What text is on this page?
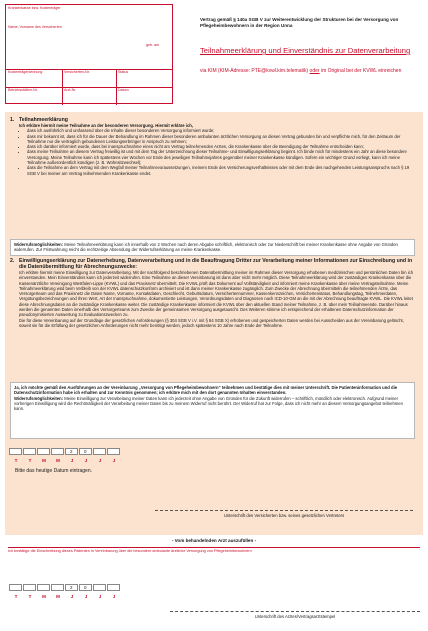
Krankenkasse bzw. Kostenträger
Name, Vorname des Versicherten
geb. am
Kostenträgerkennung	Versicherten-Nr.	Status
Betriebsstätten-Nr.	Arzt-Nr.	Datum
Vertrag gemäß § 140a SGB V zur Weiterentwicklung der Strukturen bei der Versorgung von Pflegeheimbewohnern in der Region Unna
Teilnahmeerklärung und Einverständnis zur Datenverarbeitung
via KIM (KIM-Adresse: PTE@kvwl.kim.telematik) oder im Original bei der KVWL einreichen
1. Teilnahmeerklärung
Ich erkläre hiermit meine Teilnahme an der besonderen Versorgung. Hiermit erkläre ich,
• dass ich ausführlich und umfassend über die Inhalte dieser besonderen Versorgung informiert wurde;
• dass mir bekannt ist, dass ich für die Dauer der Behandlung im Rahmen dieser besonderen ambulanten ärztlichen Versorgung an diesen Vertrag gebunden bin und verpflichte mich, für den Zeitraum der Teilnahme nur die vertraglich gebundenen Leistungserbringer in Anspruch zu nehmen;
• dass ich darüber informiert wurde, dass bei Inanspruchnahme eines nicht am Vertrag teilnehmenden Arztes, die Krankenkasse über die Beendigung der Teilnahme entscheiden kann;
• dass meine Teilnahme an diesem Vertrag freiwillig ist und mit dem Tag der Unterzeichnung dieser Teilnahme- und Einwilligungserklärung beginnt. Ich binde mich für mindestens ein Jahr an diese besondere Versorgung. Meine Teilnahme kann ich spätestens vier Wochen vor Ende des jeweiligen Teilnahmejahres gegenüber meiner Krankenkasse kündigen. Sofern ein wichtiger Grund vorliegt, kann ich meine Teilnahme außerordentlich kündigen (z. B. Wohnsitzwechsel);
• dass die Teilnahme an dem Vertrag mit dem Wegfall meiner Teilnahmevoraussetzungen, meinem Ende des Versicherungsverhältnisses oder mit dem Ende des nachgehenden Leistungsanspruchs nach § 19 SGB V bei meiner am Vertrag teilnehmenden Krankenkasse endet.
Widerrufsmöglichkeiten: Meine Teilnahmeerklärung kann ich innerhalb von 2 Wochen nach deren Abgabe schriftlich, elektronisch oder zur Niederschrift bei meiner Krankenkasse ohne Angabe von Gründen widerrufen. Zur Fristwahrung reicht die rechtzeitige Absendung der Widerrufserklärung an meine Krankenkasse.
2. Einwilligungserklärung zur Datenerhebung, Datenverarbeitung und in die Beauftragung Dritter zur Verarbeitung meiner Informationen zur Einschreibung und in die Datenübermittlung für Abrechnungszwecke:
Ich erkläre hiermit meine Einwilligung zur Datenverarbeitung. Mit der nachfolgend beschriebenen Datenübermittlung meiner im Rahmen dieser Versorgung erhobenen medizinischen und persönlichen Daten bin ich einverstanden. Mein Einverständnis kann ich jederzeit widerrufen. Eine Teilnahme an dieser Vereinbarung ist dann aber nicht mehr möglich. Diese Teilnahmeerklärung wird der zuständigen Krankenkasse über die Kassenärztliche Vereinigung Westfalen-Lippe (KVWL) und das Praxisnetz übermittelt. Die KVWL prüft das Dokument auf Vollständigkeit und informiert meine Krankenkasse über meine Vertragsteilnahme. Meine Teilnahmeerklärung wird beim Verbleib von der KVWL datenschutzkonform archiviert und ist dann meiner Krankenkasse zugänglich. Zum Zwecke der Abrechnung übermitteln die teilnehmenden Ärzte, das Versorgerteam und das Praxisnetz die Daten Name, Vorname, Kontaktdaten, Geschlecht, Geburtsdatum, Versichertennummer, Kassenkennzeichen, Versichertenstatus, Behandlungstag, Teilnehmerdaten, Vergütungsbezeichnungen und Ihren Wert, Art der Inanspruchnahme, dokumentierte Leistungen, Verordnungsdaten und Diagnosen nach ICD-10-GM an die mit der Abrechnung beauftragte KVWL. Die KVWL leitet diese Abrechnungsdaten an die zuständige Krankenkasse weiter. Die zuständige Krankenkasse informiert die KVWL über den aktuellen Stand meiner Teilnahme, z. B. über mein Teilnahmeende. Darüber hinaus werden die genannten Daten innerhalb des Versorgerteams zum Zwecke der gemeinsamen Versorgung ausgetauscht. Des Weiteren stimme ich entsprechend der erhaltenen Datenschutzinformation der pseudonymisierten Auswertung zu Evaluationszwecken zu.
Die für diese Vereinbarung auf der Grundlage der gesetzlichen Anforderungen (§ 304 SGB V i.V. mit § 84 SGB X) erhobenen und gespeicherten Daten werden bei Ausscheiden aus der Vereinbarung gelöscht, soweit sie für die Erfüllung der gesetzlichen Anforderungen nicht mehr benötigt werden, jedoch spätestens 10 Jahre nach Ende der Teilnahme.
Ja, ich möchte gemäß den Ausführungen an der Vereinbarung „Versorgung von Pflegeheimbewohnern“ teilnehmen und bestätige dies mit meiner Unterschrift. Die Patienteninformation und die Datenschutzinformation habe ich erhalten und zur Kenntnis genommen; ich erkläre mich mit den dort genannten Inhalten einverstanden.
Widerrufsmöglichkeiten: Meine Einwilligung zur Verarbeitung meiner Daten kann ich jederzeit ohne Angabe von Gründen für die Zukunft widerrufen – schriftlich, mündlich oder elektronisch. Aufgrund meiner vorherigen Einwilligung wird die Rechtmäßigkeit der Verarbeitung meiner Daten bis zu meinem Widerruf nicht berührt. Der Widerruf hat zur Folge, dass ich nicht mehr an diesem Versorgungsangebot teilnehmen kann.
2	0
T	T	M	M	J	J	J	J
Bitte das heutige Datum eintragen.
Unterschrift des Versicherten bzw. seines gesetzlichen Vertreters
- Vom behandelnden Arzt auszufüllen -
Ich bestätige die Einschreibung dieses Patienten in Vereinbarung über die besondere ambulante ärztliche Versorgung von Pflegeheimbewohnern
2	0
T	T	M	M	J	J	J	J
Unterschrift des Arztes/Vertragsarztstempel
